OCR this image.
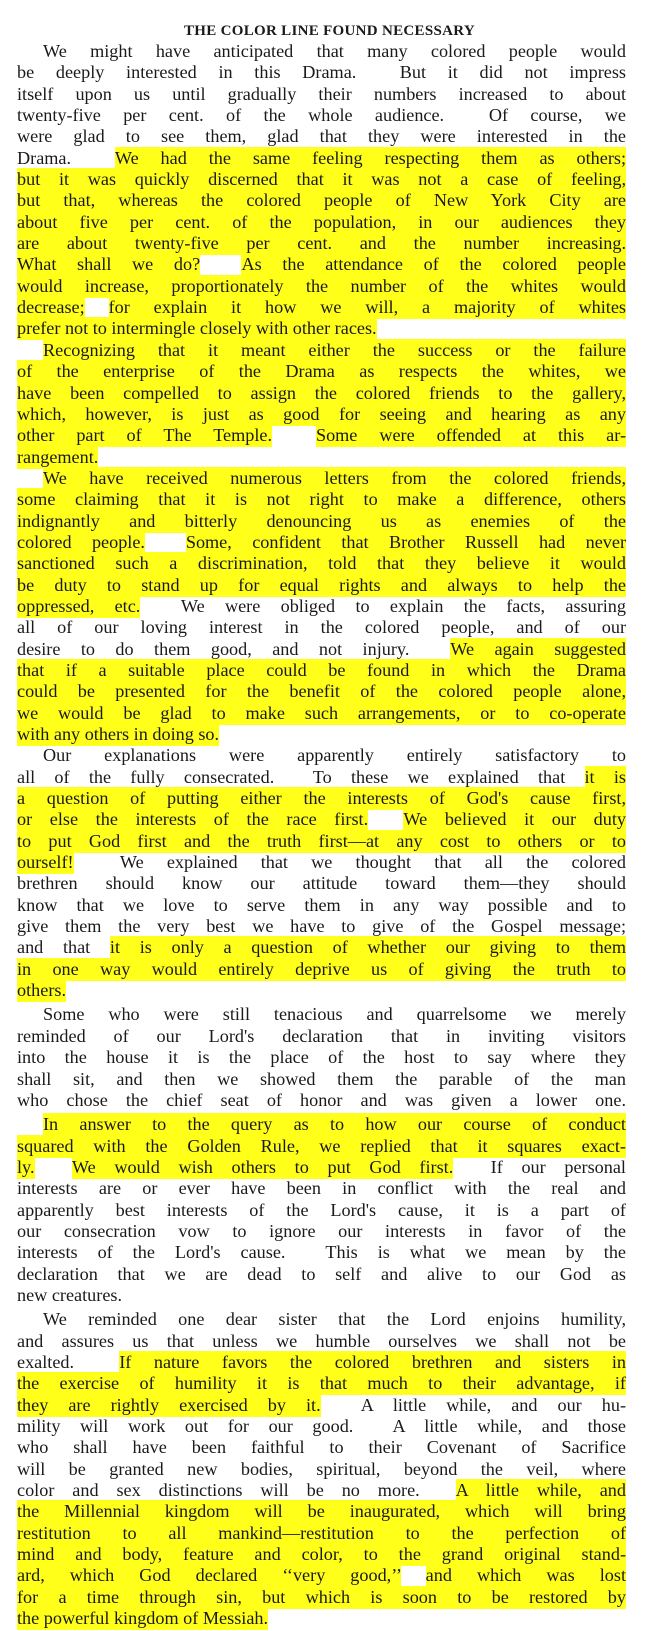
THE COLOR LINE FOUND NECESSARY
We might have anticipated that many colored people would
be deeply interested in this Drama.  But it did not impress
itself upon us until gradually their numbers increased to about
twenty-five per cent. of the whole audience.  Of course, we
were glad to see them, glad that they were interested in the
Drama.  We had the same feeling respecting them as others;
but it was quickly discerned that it was not a case of feeling,
but that, whereas the colored people of New York City are
about five per cent. of the population, in our audiences they
are about twenty-five per cent. and the number increasing.
What shall we do? As the attendance of the colored people
would increase, proportionately the number of the whites would
decrease; for explain it how we will, a majority of whites
prefer not to intermingle closely with other races.
Recognizing that it meant either the success or the failure
of the enterprise of the Drama as respects the whites, we
have been compelled to assign the colored friends to the gallery,
which, however, is just as good for seeing and hearing as any
other part of The Temple. Some were offended at this ar-
rangement.
We have received numerous letters from the colored friends,
some claiming that it is not right to make a difference, others
indignantly and bitterly denouncing us as enemies of the
colored people. Some, confident that Brother Russell had never
sanctioned such a discrimination, told that they believe it would
be duty to stand up for equal rights and always to help the
oppressed, etc.  We were obliged to explain the facts, assuring
all of our loving interest in the colored people, and of our
desire to do them good, and not injury.  We again suggested
that if a suitable place could be found in which the Drama
could be presented for the benefit of the colored people alone,
we would be glad to make such arrangements, or to co-operate
with any others in doing so.
Our explanations were apparently entirely satisfactory to
all of the fully consecrated.  To these we explained that it is
a question of putting either the interests of God's cause first,
or else the interests of the race first. We believed it our duty
to put God first and the truth first—at any cost to others or to
ourself!  We explained that we thought that all the colored
brethren should know our attitude toward them—they should
know that we love to serve them in any way possible and to
give them the very best we have to give of the Gospel message;
and that it is only a question of whether our giving to them
in one way would entirely deprive us of giving the truth to
others.
Some who were still tenacious and quarrelsome we merely
reminded of our Lord's declaration that in inviting visitors
into the house it is the place of the host to say where they
shall sit, and then we showed them the parable of the man
who chose the chief seat of honor and was given a lower one.
In answer to the query as to how our course of conduct
squared with the Golden Rule, we replied that it squares exact-
ly. We would wish others to put God first.  If our personal
interests are or ever have been in conflict with the real and
apparently best interests of the Lord's cause, it is a part of
our consecration vow to ignore our interests in favor of the
interests of the Lord's cause.  This is what we mean by the
declaration that we are dead to self and alive to our God as
new creatures.
We reminded one dear sister that the Lord enjoins humility,
and assures us that unless we humble ourselves we shall not be
exalted.  If nature favors the colored brethren and sisters in
the exercise of humility it is that much to their advantage, if
they are rightly exercised by it.  A little while, and our hu-
mility will work out for our good.  A little while, and those
who shall have been faithful to their Covenant of Sacrifice
will be granted new bodies, spiritual, beyond the veil, where
color and sex distinctions will be no more.  A little while, and
the Millennial kingdom will be inaugurated, which will bring
restitution to all mankind—restitution to the perfection of
mind and body, feature and color, to the grand original stand-
ard, which God declared ‘‘very good,’’ and which was lost
for a time through sin, but which is soon to be restored by
the powerful kingdom of Messiah.
